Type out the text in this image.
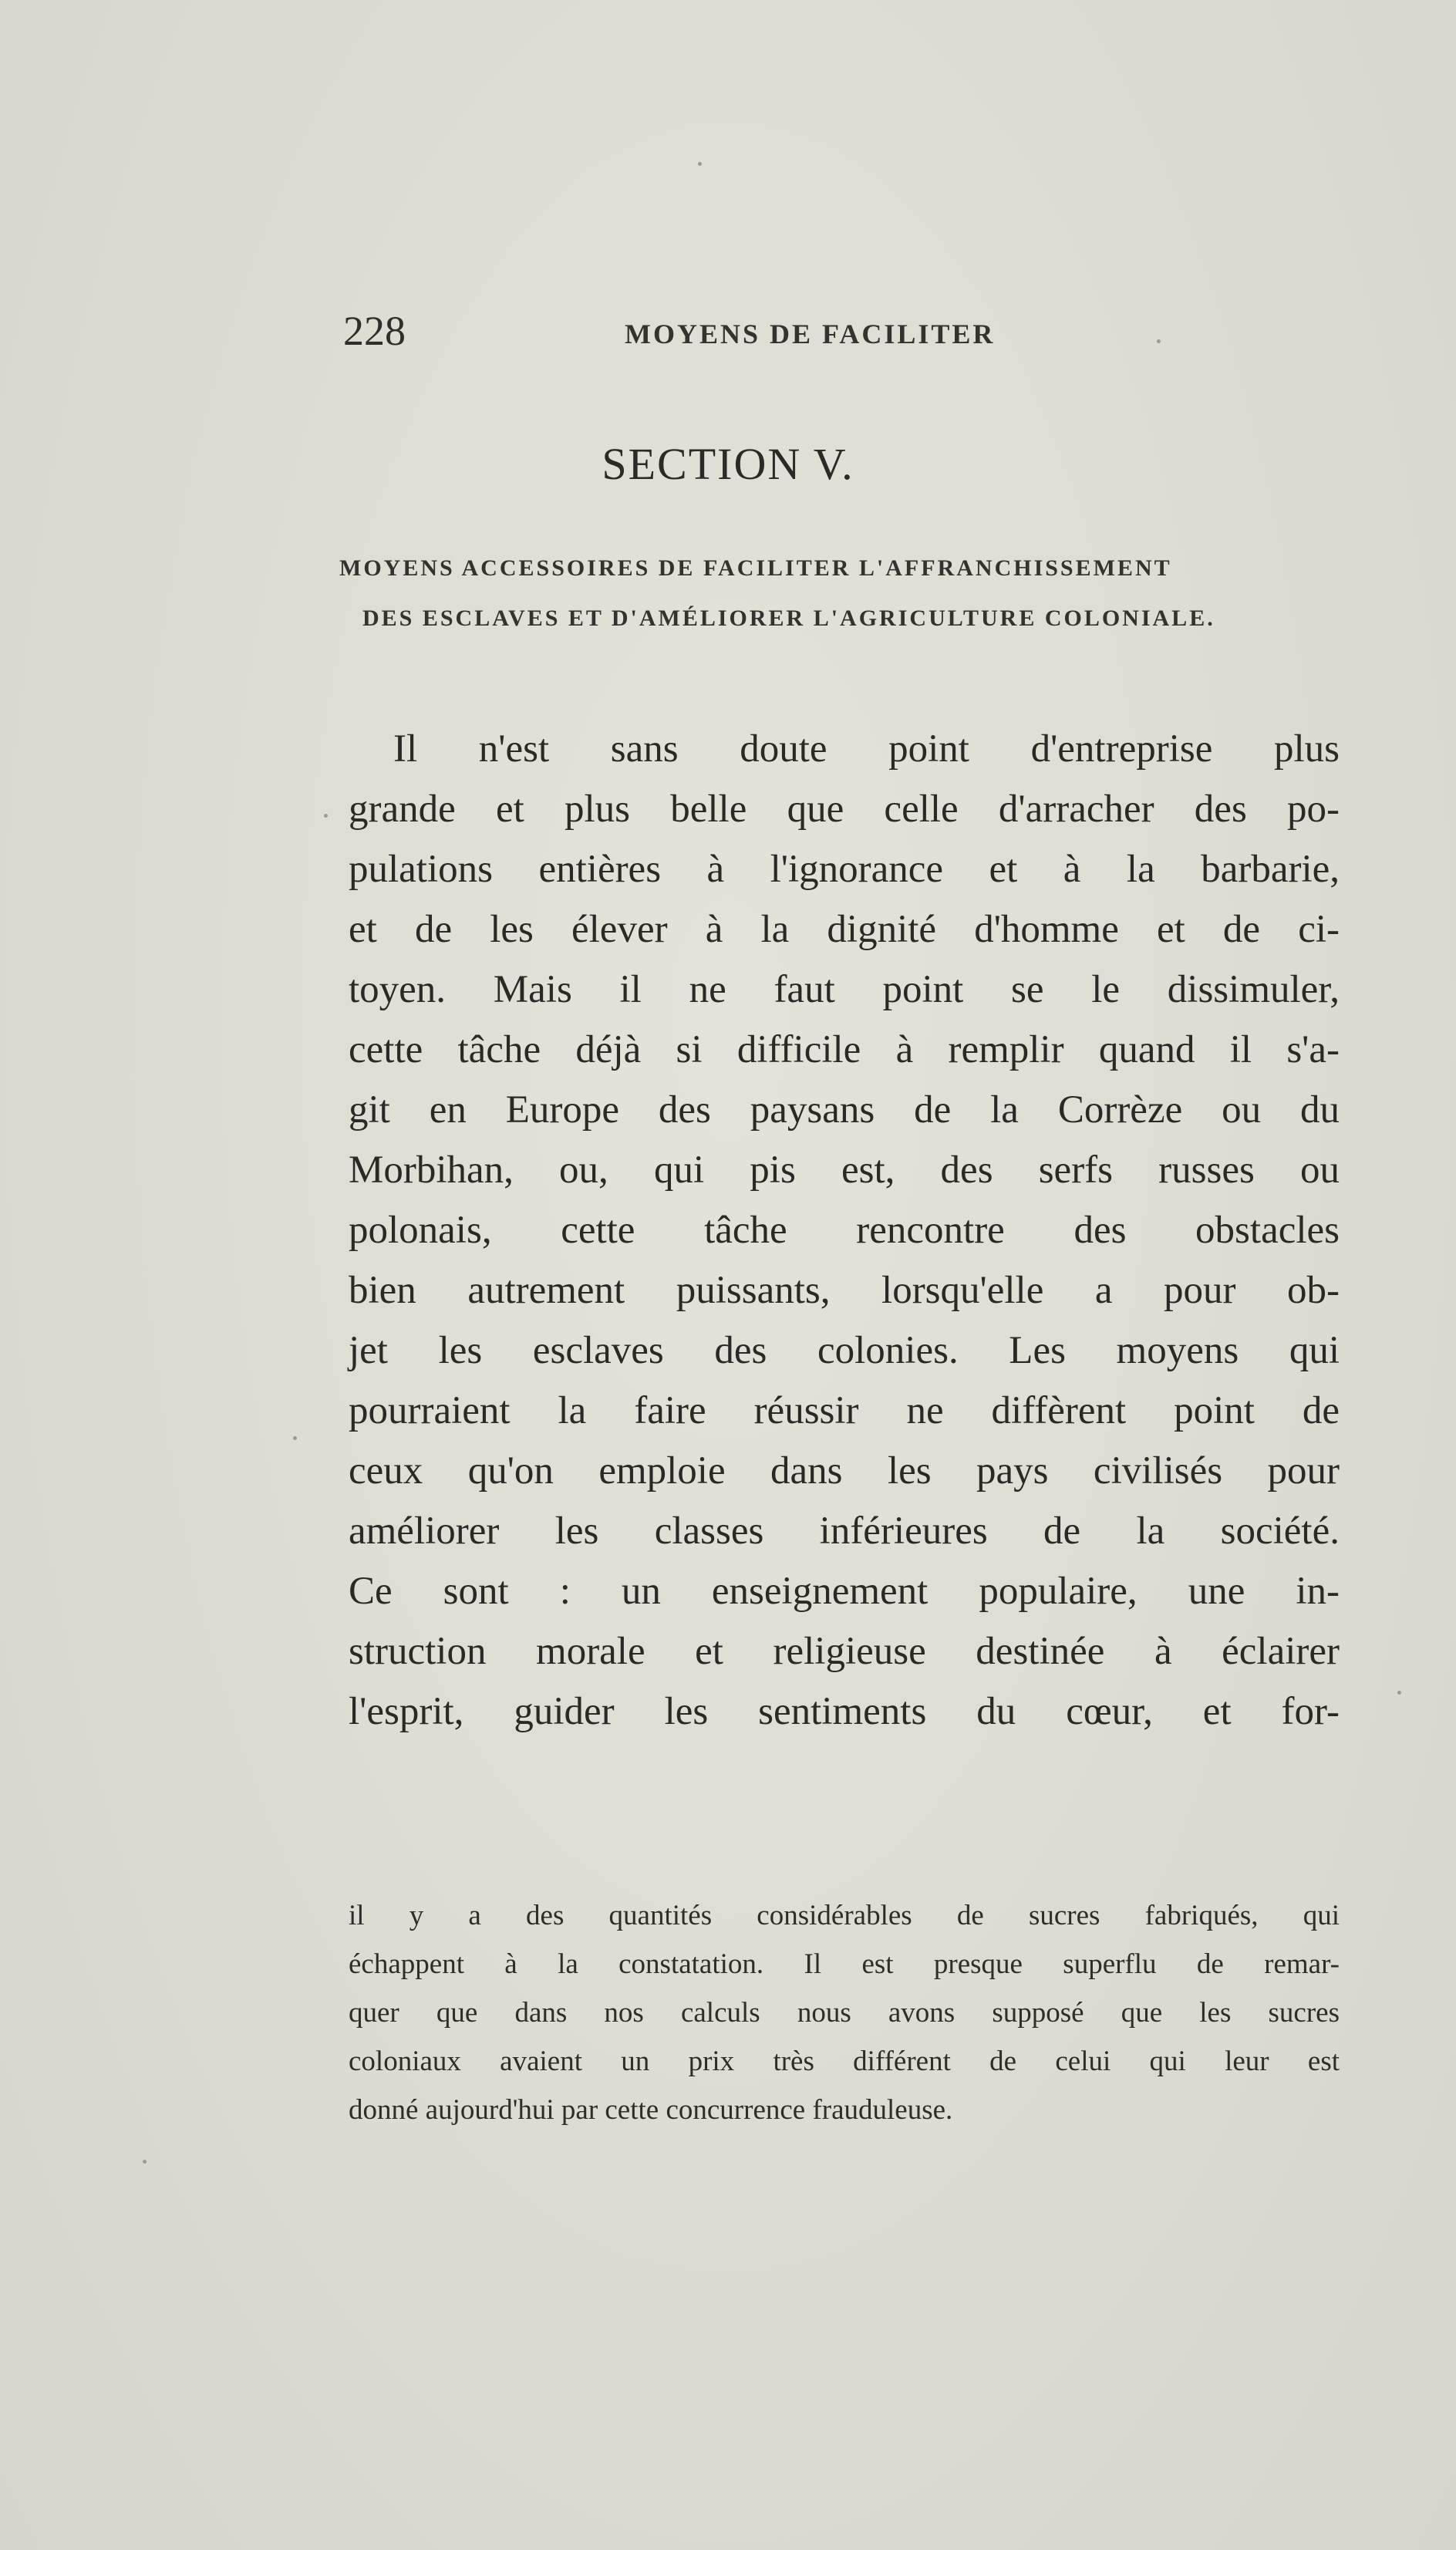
228	MOYENS DE FACILITER
SECTION V.
MOYENS ACCESSOIRES DE FACILITER L'AFFRANCHISSEMENT
DES ESCLAVES ET D'AMÉLIORER L'AGRICULTURE COLONIALE.
Il n'est sans doute point d'entreprise plus
grande et plus belle que celle d'arracher des po-
pulations entières à l'ignorance et à la barbarie,
et de les élever à la dignité d'homme et de ci-
toyen. Mais il ne faut point se le dissimuler,
cette tâche déjà si difficile à remplir quand il s'a-
git en Europe des paysans de la Corrèze ou du
Morbihan, ou, qui pis est, des serfs russes ou
polonais, cette tâche rencontre des obstacles
bien autrement puissants, lorsqu'elle a pour ob-
jet les esclaves des colonies. Les moyens qui
pourraient la faire réussir ne diffèrent point de
ceux qu'on emploie dans les pays civilisés pour
améliorer les classes inférieures de la société.
Ce sont : un enseignement populaire, une in-
struction morale et religieuse destinée à éclairer
l'esprit, guider les sentiments du cœur, et for-
il y a des quantités considérables de sucres fabriqués, qui
échappent à la constatation. Il est presque superflu de remar-
quer que dans nos calculs nous avons supposé que les sucres
coloniaux avaient un prix très différent de celui qui leur est
donné aujourd'hui par cette concurrence frauduleuse.
